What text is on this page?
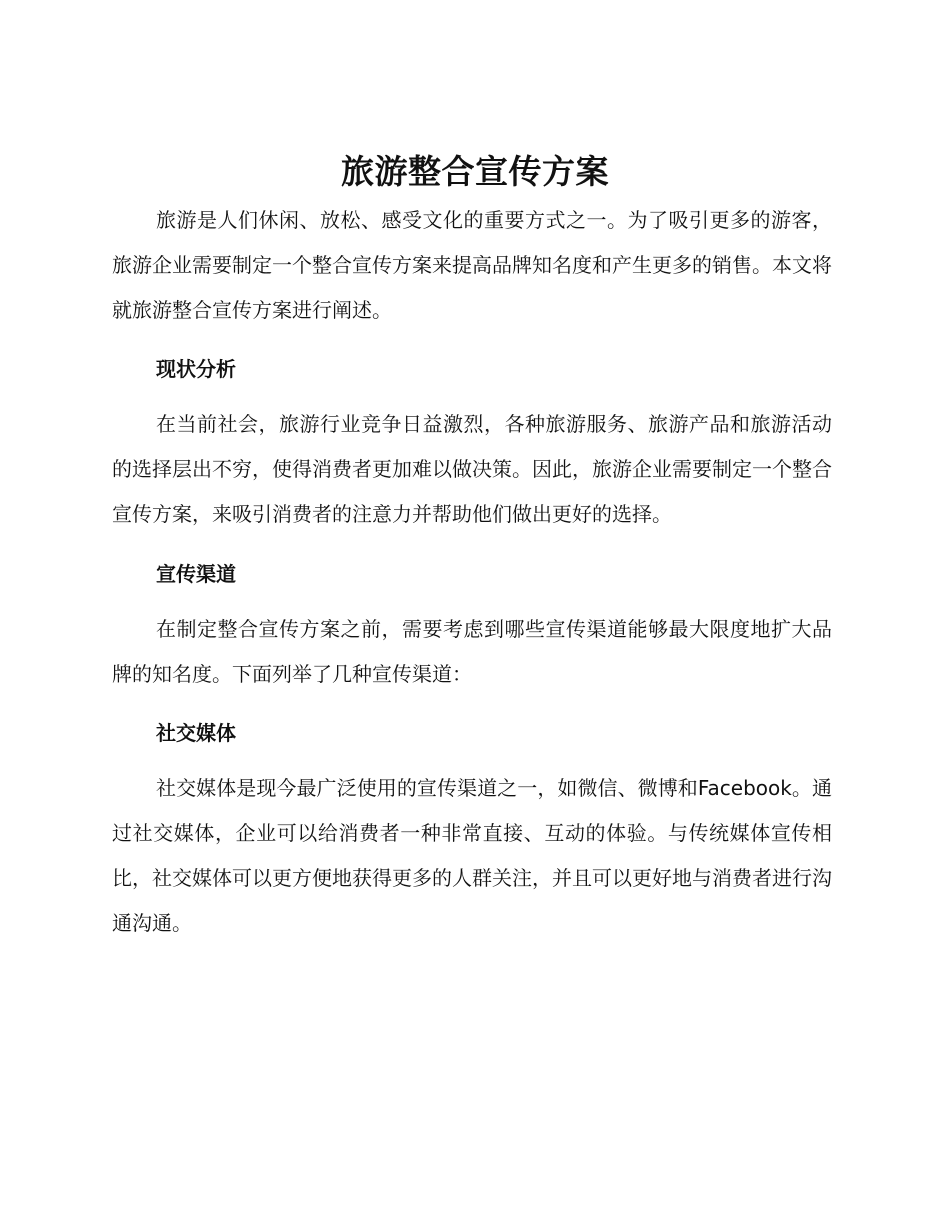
旅游整合宣传方案

旅游是人们休闲、放松、感受文化的重要方式之一。为了吸引更多的游客，旅游企业需要制定一个整合宣传方案来提高品牌知名度和产生更多的销售。本文将就旅游整合宣传方案进行阐述。

现状分析

在当前社会，旅游行业竞争日益激烈，各种旅游服务、旅游产品和旅游活动的选择层出不穷，使得消费者更加难以做决策。因此，旅游企业需要制定一个整合宣传方案，来吸引消费者的注意力并帮助他们做出更好的选择。

宣传渠道

在制定整合宣传方案之前，需要考虑到哪些宣传渠道能够最大限度地扩大品牌的知名度。下面列举了几种宣传渠道：

社交媒体

社交媒体是现今最广泛使用的宣传渠道之一，如微信、微博和Facebook。通过社交媒体，企业可以给消费者一种非常直接、互动的体验。与传统媒体宣传相比，社交媒体可以更方便地获得更多的人群关注，并且可以更好地与消费者进行沟通沟通。
